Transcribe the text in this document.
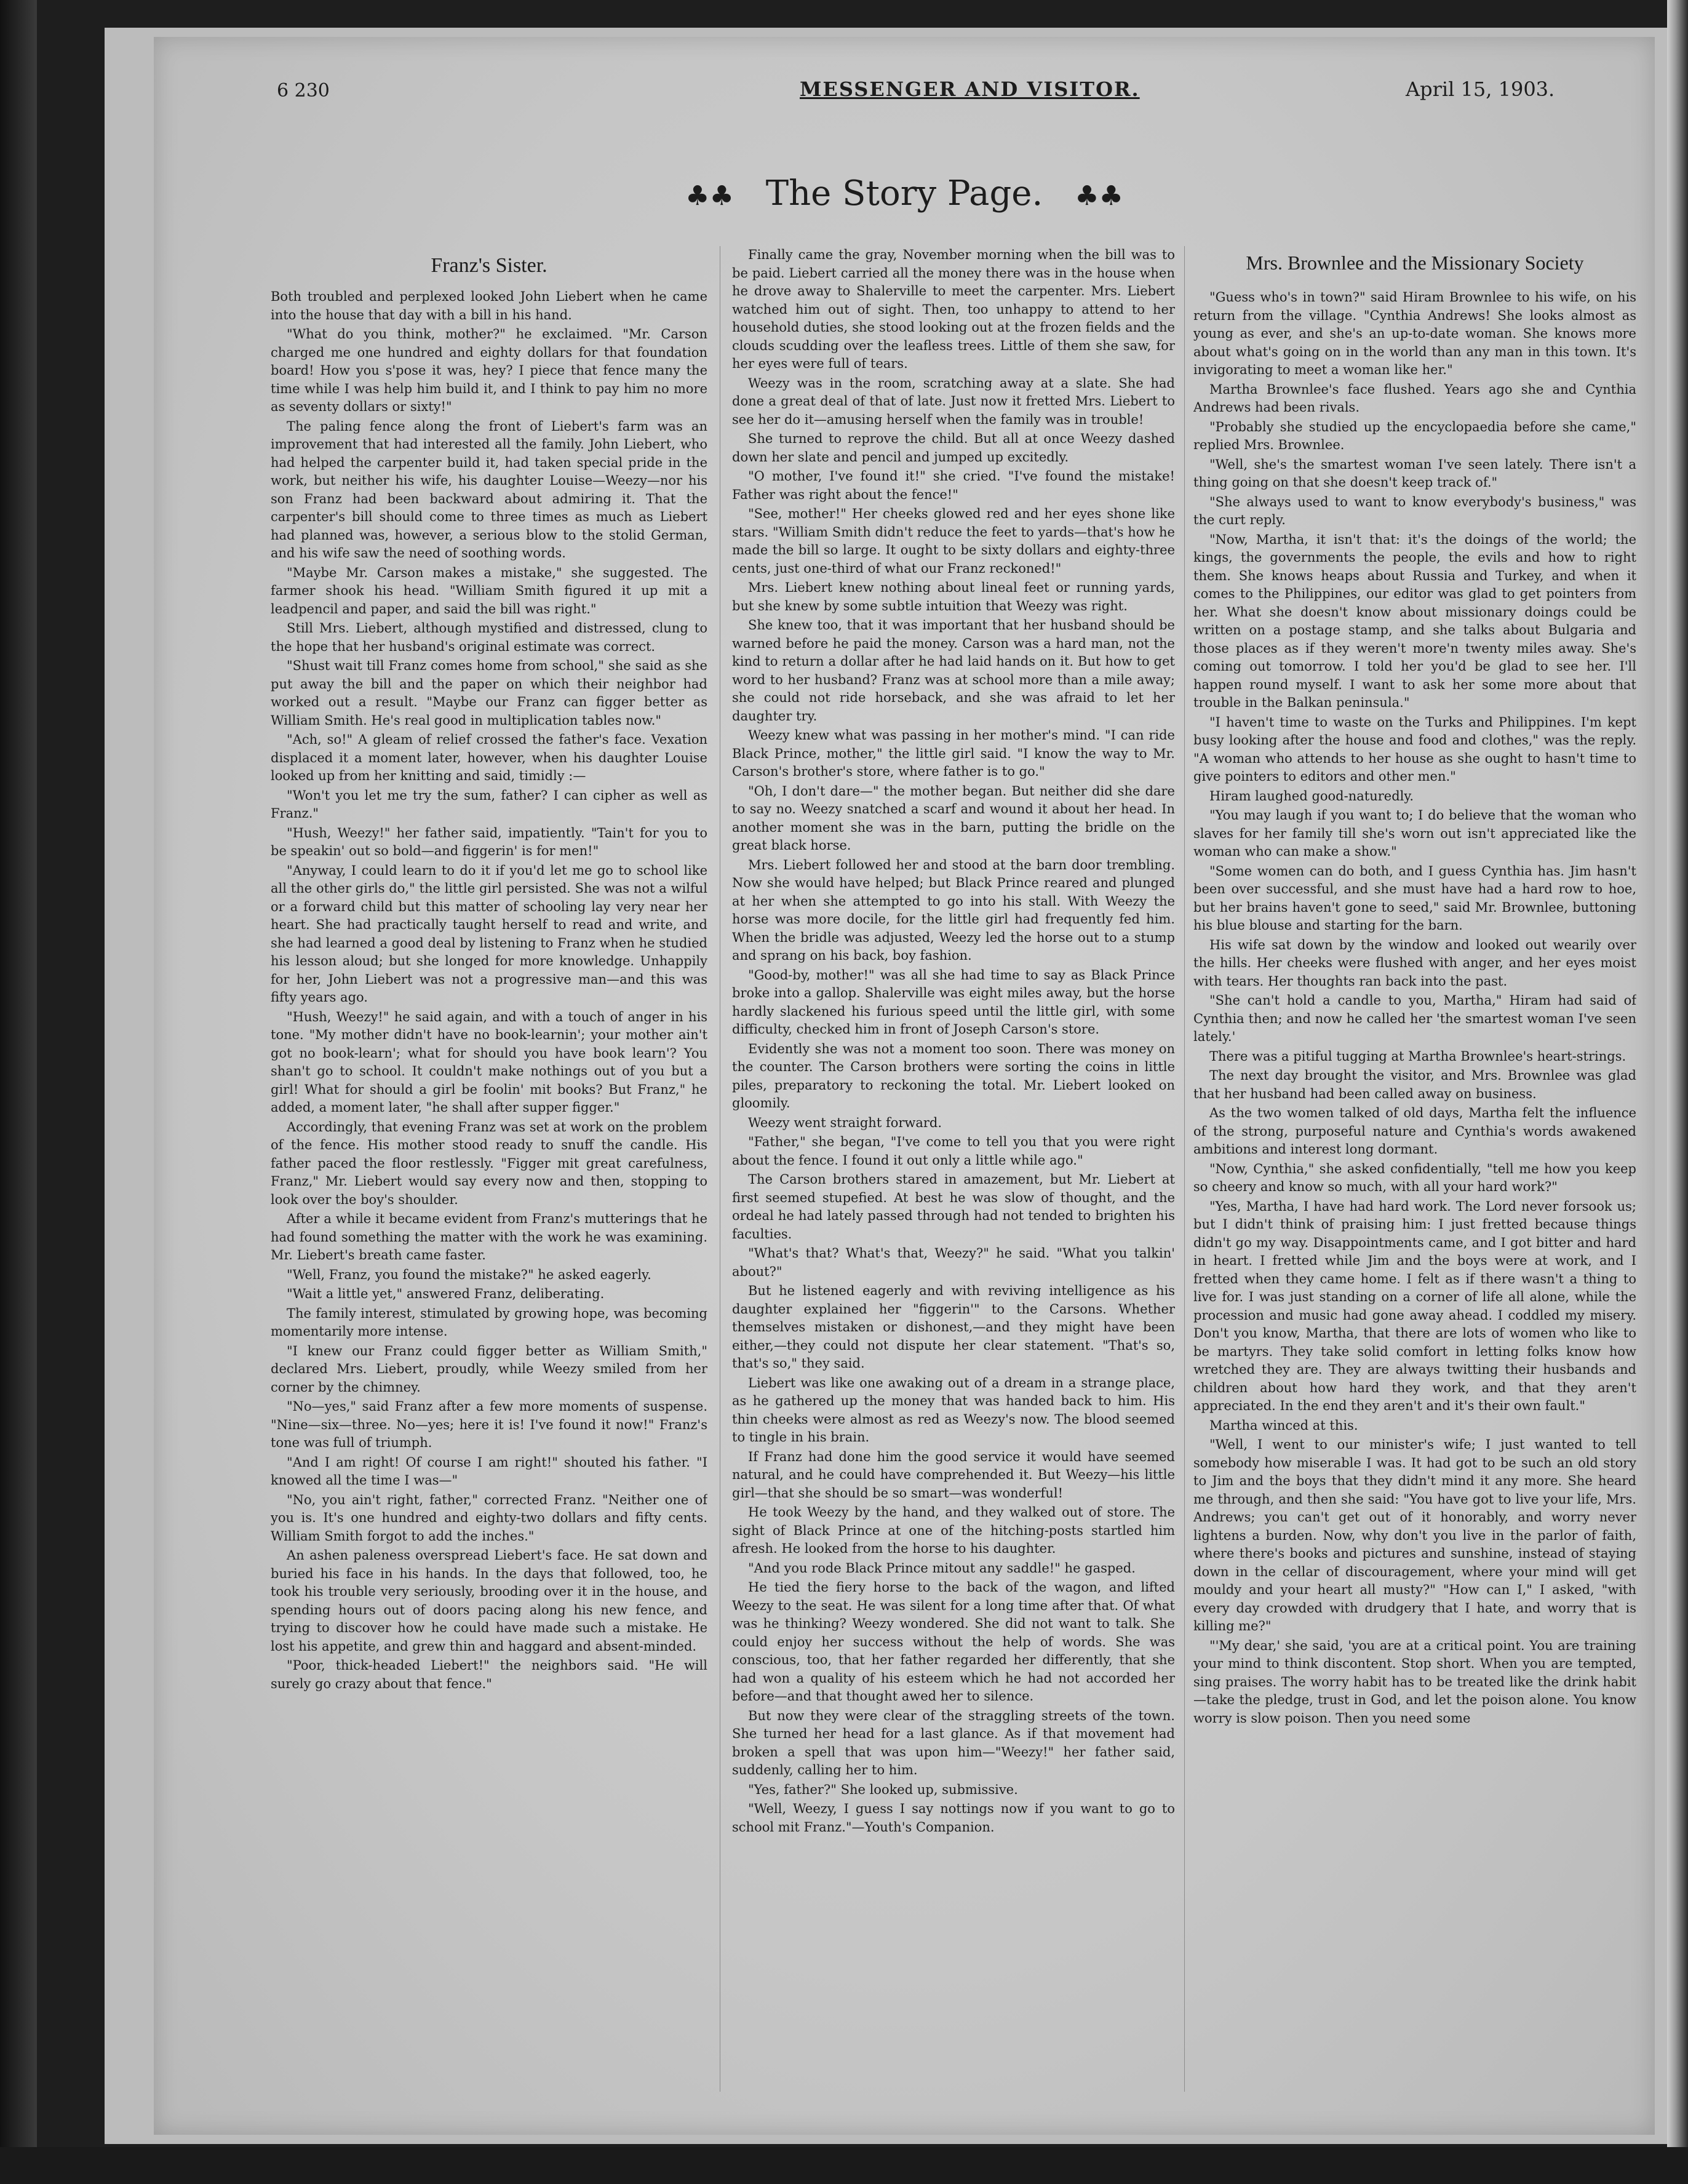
6 230	MESSENGER AND VISITOR.	April 15, 1903.
♣♣ The Story Page. ♣♣
Franz's Sister.

Both troubled and perplexed looked John Liebert when he came into the house that day with a bill in his hand.

"What do you think, mother?" he exclaimed. "Mr. Carson charged me one hundred and eighty dollars for that foundation board! How you s'pose it was, hey? I piece that fence many the time while I was help him build it, and I think to pay him no more as seventy dollars or sixty!"

The paling fence along the front of Liebert's farm was an improvement that had interested all the family. John Liebert, who had helped the carpenter build it, had taken special pride in the work, but neither his wife, his daughter Louise—Weezy—nor his son Franz had been backward about admiring it. That the carpenter's bill should come to three times as much as Liebert had planned was, however, a serious blow to the stolid German, and his wife saw the need of soothing words.

"Maybe Mr. Carson makes a mistake," she suggested. The farmer shook his head. "William Smith figured it up mit a leadpencil and paper, and said the bill was right."

Still Mrs. Liebert, although mystified and distressed, clung to the hope that her husband's original estimate was correct.

"Shust wait till Franz comes home from school," she said as she put away the bill and the paper on which their neighbor had worked out a result. "Maybe our Franz can figger better as William Smith. He's real good in multiplication tables now."

"Ach, so!" A gleam of relief crossed the father's face. Vexation displaced it a moment later, however, when his daughter Louise looked up from her knitting and said, timidly :—

"Won't you let me try the sum, father? I can cipher as well as Franz."

"Hush, Weezy!" her father said, impatiently. "Tain't for you to be speakin' out so bold—and figgerin' is for men!"

"Anyway, I could learn to do it if you'd let me go to school like all the other girls do," the little girl persisted. She was not a wilful or a forward child but this matter of schooling lay very near her heart. She had practically taught herself to read and write, and she had learned a good deal by listening to Franz when he studied his lesson aloud; but she longed for more knowledge. Unhappily for her, John Liebert was not a progressive man—and this was fifty years ago.

"Hush, Weezy!" he said again, and with a touch of anger in his tone. "My mother didn't have no book-learnin'; your mother ain't got no book-learn'; what for should you have book learn'? You shan't go to school. It couldn't make nothings out of you but a girl! What for should a girl be foolin' mit books? But Franz," he added, a moment later, "he shall after supper figger."

Accordingly, that evening Franz was set at work on the problem of the fence. His mother stood ready to snuff the candle. His father paced the floor restlessly. "Figger mit great carefulness, Franz," Mr. Liebert would say every now and then, stopping to look over the boy's shoulder.

After a while it became evident from Franz's mutterings that he had found something the matter with the work he was examining. Mr. Liebert's breath came faster.

"Well, Franz, you found the mistake?" he asked eagerly.

"Wait a little yet," answered Franz, deliberating.

The family interest, stimulated by growing hope, was becoming momentarily more intense.

"I knew our Franz could figger better as William Smith," declared Mrs. Liebert, proudly, while Weezy smiled from her corner by the chimney.

"No—yes," said Franz after a few more moments of suspense. "Nine—six—three. No—yes; here it is! I've found it now!" Franz's tone was full of triumph.

"And I am right! Of course I am right!" shouted his father. "I knowed all the time I was—"

"No, you ain't right, father," corrected Franz. "Neither one of you is. It's one hundred and eighty-two dollars and fifty cents. William Smith forgot to add the inches."

An ashen paleness overspread Liebert's face. He sat down and buried his face in his hands. In the days that followed, too, he took his trouble very seriously, brooding over it in the house, and spending hours out of doors pacing along his new fence, and trying to discover how he could have made such a mistake. He lost his appetite, and grew thin and haggard and absent-minded.

"Poor, thick-headed Liebert!" the neighbors said. "He will surely go crazy about that fence."

Finally came the gray, November morning when the bill was to be paid. Liebert carried all the money there was in the house when he drove away to Shalerville to meet the carpenter. Mrs. Liebert watched him out of sight. Then, too unhappy to attend to her household duties, she stood looking out at the frozen fields and the clouds scudding over the leafless trees. Little of them she saw, for her eyes were full of tears.

Weezy was in the room, scratching away at a slate. She had done a great deal of that of late. Just now it fretted Mrs. Liebert to see her do it—amusing herself when the family was in trouble!

She turned to reprove the child. But all at once Weezy dashed down her slate and pencil and jumped up excitedly.

"O mother, I've found it!" she cried. "I've found the mistake! Father was right about the fence!"

"See, mother!" Her cheeks glowed red and her eyes shone like stars. "William Smith didn't reduce the feet to yards—that's how he made the bill so large. It ought to be sixty dollars and eighty-three cents, just one-third of what our Franz reckoned!"

Mrs. Liebert knew nothing about lineal feet or running yards, but she knew by some subtle intuition that Weezy was right.

She knew too, that it was important that her husband should be warned before he paid the money. Carson was a hard man, not the kind to return a dollar after he had laid hands on it. But how to get word to her husband? Franz was at school more than a mile away; she could not ride horseback, and she was afraid to let her daughter try.

Weezy knew what was passing in her mother's mind. "I can ride Black Prince, mother," the little girl said. "I know the way to Mr. Carson's brother's store, where father is to go."

"Oh, I don't dare—" the mother began. But neither did she dare to say no. Weezy snatched a scarf and wound it about her head. In another moment she was in the barn, putting the bridle on the great black horse.

Mrs. Liebert followed her and stood at the barn door trembling. Now she would have helped; but Black Prince reared and plunged at her when she attempted to go into his stall. With Weezy the horse was more docile, for the little girl had frequently fed him. When the bridle was adjusted, Weezy led the horse out to a stump and sprang on his back, boy fashion.

"Good-by, mother!" was all she had time to say as Black Prince broke into a gallop. Shalerville was eight miles away, but the horse hardly slackened his furious speed until the little girl, with some difficulty, checked him in front of Joseph Carson's store.

Evidently she was not a moment too soon. There was money on the counter. The Carson brothers were sorting the coins in little piles, preparatory to reckoning the total. Mr. Liebert looked on gloomily.

Weezy went straight forward.

"Father," she began, "I've come to tell you that you were right about the fence. I found it out only a little while ago."

The Carson brothers stared in amazement, but Mr. Liebert at first seemed stupefied. At best he was slow of thought, and the ordeal he had lately passed through had not tended to brighten his faculties.

"What's that? What's that, Weezy?" he said. "What you talkin' about?"

But he listened eagerly and with reviving intelligence as his daughter explained her "figgerin'" to the Carsons. Whether themselves mistaken or dishonest,—and they might have been either,—they could not dispute her clear statement. "That's so, that's so," they said.

Liebert was like one awaking out of a dream in a strange place, as he gathered up the money that was handed back to him. His thin cheeks were almost as red as Weezy's now. The blood seemed to tingle in his brain.

If Franz had done him the good service it would have seemed natural, and he could have comprehended it. But Weezy—his little girl—that she should be so smart—was wonderful!

He took Weezy by the hand, and they walked out of store. The sight of Black Prince at one of the hitching-posts startled him afresh. He looked from the horse to his daughter.

"And you rode Black Prince mitout any saddle!" he gasped.

He tied the fiery horse to the back of the wagon, and lifted Weezy to the seat. He was silent for a long time after that. Of what was he thinking? Weezy wondered. She did not want to talk. She could enjoy her success without the help of words. She was conscious, too, that her father regarded her differently, that she had won a quality of his esteem which he had not accorded her before—and that thought awed her to silence.

But now they were clear of the straggling streets of the town. She turned her head for a last glance. As if that movement had broken a spell that was upon him—"Weezy!" her father said, suddenly, calling her to him.

"Yes, father?" She looked up, submissive.

"Well, Weezy, I guess I say nottings now if you want to go to school mit Franz."—Youth's Companion.

Mrs. Brownlee and the Missionary Society

"Guess who's in town?" said Hiram Brownlee to his wife, on his return from the village. "Cynthia Andrews! She looks almost as young as ever, and she's an up-to-date woman. She knows more about what's going on in the world than any man in this town. It's invigorating to meet a woman like her."

Martha Brownlee's face flushed. Years ago she and Cynthia Andrews had been rivals.

"Probably she studied up the encyclopaedia before she came," replied Mrs. Brownlee.

"Well, she's the smartest woman I've seen lately. There isn't a thing going on that she doesn't keep track of."

"She always used to want to know everybody's business," was the curt reply.

"Now, Martha, it isn't that: it's the doings of the world; the kings, the governments the people, the evils and how to right them. She knows heaps about Russia and Turkey, and when it comes to the Philippines, our editor was glad to get pointers from her. What she doesn't know about missionary doings could be written on a postage stamp, and she talks about Bulgaria and those places as if they weren't more'n twenty miles away. She's coming out tomorrow. I told her you'd be glad to see her. I'll happen round myself. I want to ask her some more about that trouble in the Balkan peninsula."

"I haven't time to waste on the Turks and Philippines. I'm kept busy looking after the house and food and clothes," was the reply. "A woman who attends to her house as she ought to hasn't time to give pointers to editors and other men."

Hiram laughed good-naturedly.

"You may laugh if you want to; I do believe that the woman who slaves for her family till she's worn out isn't appreciated like the woman who can make a show."

"Some women can do both, and I guess Cynthia has. Jim hasn't been over successful, and she must have had a hard row to hoe, but her brains haven't gone to seed," said Mr. Brownlee, buttoning his blue blouse and starting for the barn.

His wife sat down by the window and looked out wearily over the hills. Her cheeks were flushed with anger, and her eyes moist with tears. Her thoughts ran back into the past.

"She can't hold a candle to you, Martha," Hiram had said of Cynthia then; and now he called her 'the smartest woman I've seen lately.'

There was a pitiful tugging at Martha Brownlee's heart-strings.

The next day brought the visitor, and Mrs. Brownlee was glad that her husband had been called away on business.

As the two women talked of old days, Martha felt the influence of the strong, purposeful nature and Cynthia's words awakened ambitions and interest long dormant.

"Now, Cynthia," she asked confidentially, "tell me how you keep so cheery and know so much, with all your hard work?"

"Yes, Martha, I have had hard work. The Lord never forsook us; but I didn't think of praising him: I just fretted because things didn't go my way. Disappointments came, and I got bitter and hard in heart. I fretted while Jim and the boys were at work, and I fretted when they came home. I felt as if there wasn't a thing to live for. I was just standing on a corner of life all alone, while the procession and music had gone away ahead. I coddled my misery. Don't you know, Martha, that there are lots of women who like to be martyrs. They take solid comfort in letting folks know how wretched they are. They are always twitting their husbands and children about how hard they work, and that they aren't appreciated. In the end they aren't and it's their own fault."

Martha winced at this.

"Well, I went to our minister's wife; I just wanted to tell somebody how miserable I was. It had got to be such an old story to Jim and the boys that they didn't mind it any more. She heard me through, and then she said: "You have got to live your life, Mrs. Andrews; you can't get out of it honorably, and worry never lightens a burden. Now, why don't you live in the parlor of faith, where there's books and pictures and sunshine, instead of staying down in the cellar of discouragement, where your mind will get mouldy and your heart all musty?" "How can I," I asked, "with every day crowded with drudgery that I hate, and worry that is killing me?"

"'My dear,' she said, 'you are at a critical point. You are training your mind to think discontent. Stop short. When you are tempted, sing praises. The worry habit has to be treated like the drink habit—take the pledge, trust in God, and let the poison alone. You know worry is slow poison. Then you need some
